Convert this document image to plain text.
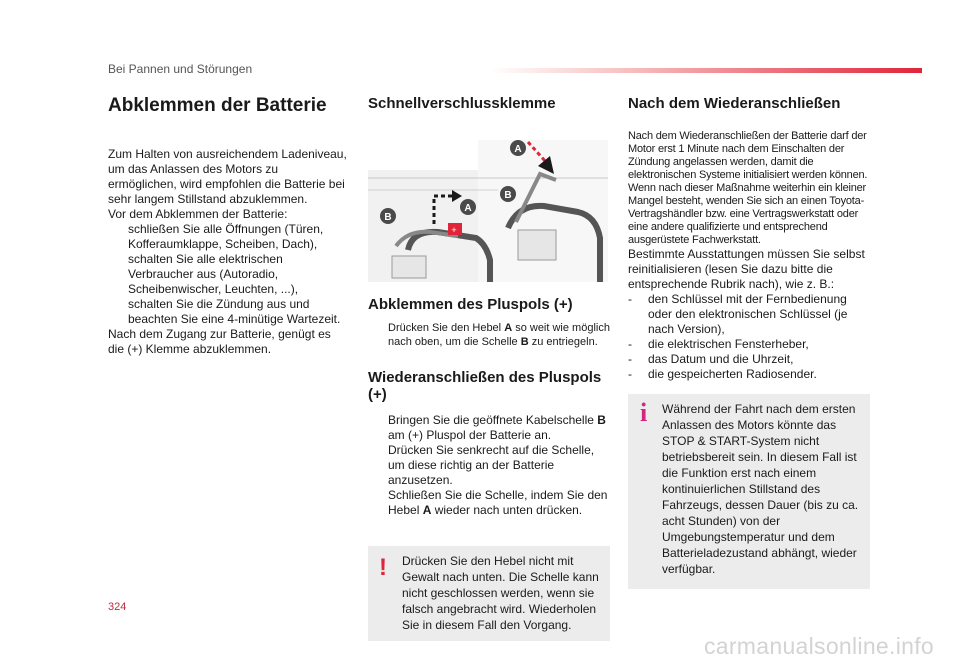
Bei Pannen und Störungen
Abklemmen der Batterie

Zum Halten von ausreichendem Ladeniveau, um das Anlassen des Motors zu ermöglichen, wird empfohlen die Batterie bei sehr langem Stillstand abzuklemmen.

Vor dem Abklemmen der Batterie:

schließen Sie alle Öffnungen (Türen, Kofferaumklappe, Scheiben, Dach),
schalten Sie alle elektrischen Verbraucher aus (Autoradio, Scheibenwischer, Leuchten, ...),
schalten Sie die Zündung aus und beachten Sie eine 4-minütige Wartezeit.

Nach dem Zugang zur Batterie, genügt es die (+) Klemme abzuklemmen.

Schnellverschlussklemme
+
B
A
A
B
Abklemmen des Pluspols (+)
Drücken Sie den Hebel A so weit wie möglich nach oben, um die Schelle B zu entriegeln.
Wiederanschließen des Pluspols (+)
Bringen Sie die geöffnete Kabelschelle B am (+) Pluspol der Batterie an.
Drücken Sie senkrecht auf die Schelle, um diese richtig an der Batterie anzusetzen.
Schließen Sie die Schelle, indem Sie den Hebel A wieder nach unten drücken.
! Drücken Sie den Hebel nicht mit Gewalt nach unten. Die Schelle kann nicht geschlossen werden, wenn sie falsch angebracht wird. Wiederholen Sie in diesem Fall den Vorgang.

Nach dem Wiederanschließen

Nach dem Wiederanschließen der Batterie darf der Motor erst 1 Minute nach dem Einschalten der Zündung angelassen werden, damit die elektronischen Systeme initialisiert werden können. Wenn nach dieser Maßnahme weiterhin ein kleiner Mangel besteht, wenden Sie sich an einen Toyota-Vertragshändler bzw. eine Vertragswerkstatt oder eine andere qualifizierte und entsprechend ausgerüstete Fachwerkstatt.

Bestimmte Ausstattungen müssen Sie selbst reinitialisieren (lesen Sie dazu bitte die entsprechende Rubrik nach), wie z. B.:

- den Schlüssel mit der Fernbedienung oder den elektronischen Schlüssel (je nach Version),
- die elektrischen Fensterheber,
- das Datum und die Uhrzeit,
- die gespeicherten Radiosender.
i Während der Fahrt nach dem ersten Anlassen des Motors könnte das STOP & START-System nicht betriebsbereit sein. In diesem Fall ist die Funktion erst nach einem kontinuierlichen Stillstand des Fahrzeugs, dessen Dauer (bis zu ca. acht Stunden) von der Umgebungstemperatur und dem Batterieladezustand abhängt, wieder verfügbar.

324
carmanualsonline.info
